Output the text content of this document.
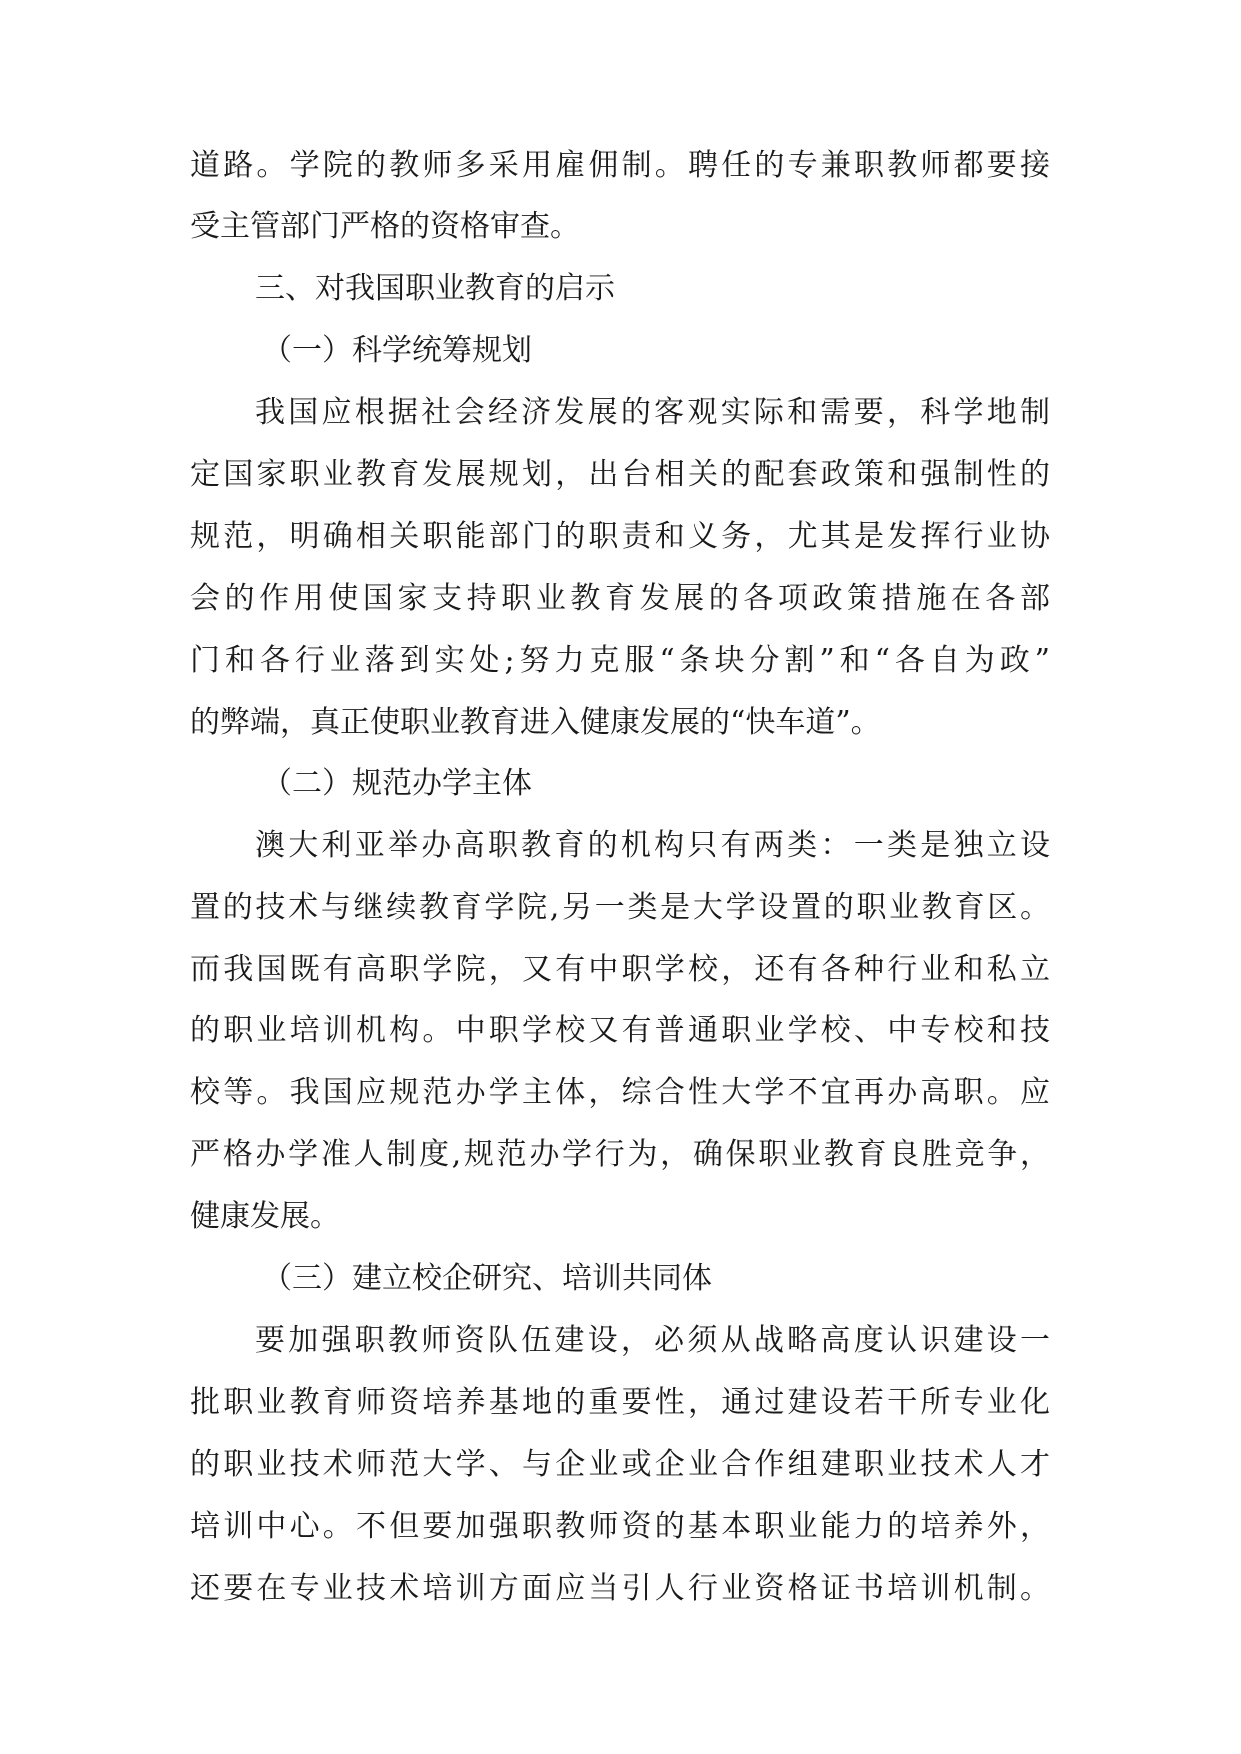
道路。学院的教师多采用雇佣制。聘任的专兼职教师都要接
受主管部门严格的资格审查。
三、对我国职业教育的启示
（一）科学统筹规划
我国应根据社会经济发展的客观实际和需要，科学地制
定国家职业教育发展规划，出台相关的配套政策和强制性的
规范，明确相关职能部门的职责和义务，尤其是发挥行业协
会的作用使国家支持职业教育发展的各项政策措施在各部
门和各行业落到实处;努力克服“条块分割”和“各自为政”
的弊端，真正使职业教育进入健康发展的“快车道”。
（二）规范办学主体
澳大利亚举办高职教育的机构只有两类：一类是独立设
置的技术与继续教育学院,另一类是大学设置的职业教育区。
而我国既有高职学院，又有中职学校，还有各种行业和私立
的职业培训机构。中职学校又有普通职业学校、中专校和技
校等。我国应规范办学主体，综合性大学不宜再办高职。应
严格办学准人制度,规范办学行为，确保职业教育良胜竞争，
健康发展。
（三）建立校企研究、培训共同体
要加强职教师资队伍建设，必须从战略高度认识建设一
批职业教育师资培养基地的重要性，通过建设若干所专业化
的职业技术师范大学、与企业或企业合作组建职业技术人才
培训中心。不但要加强职教师资的基本职业能力的培养外，
还要在专业技术培训方面应当引人行业资格证书培训机制。
